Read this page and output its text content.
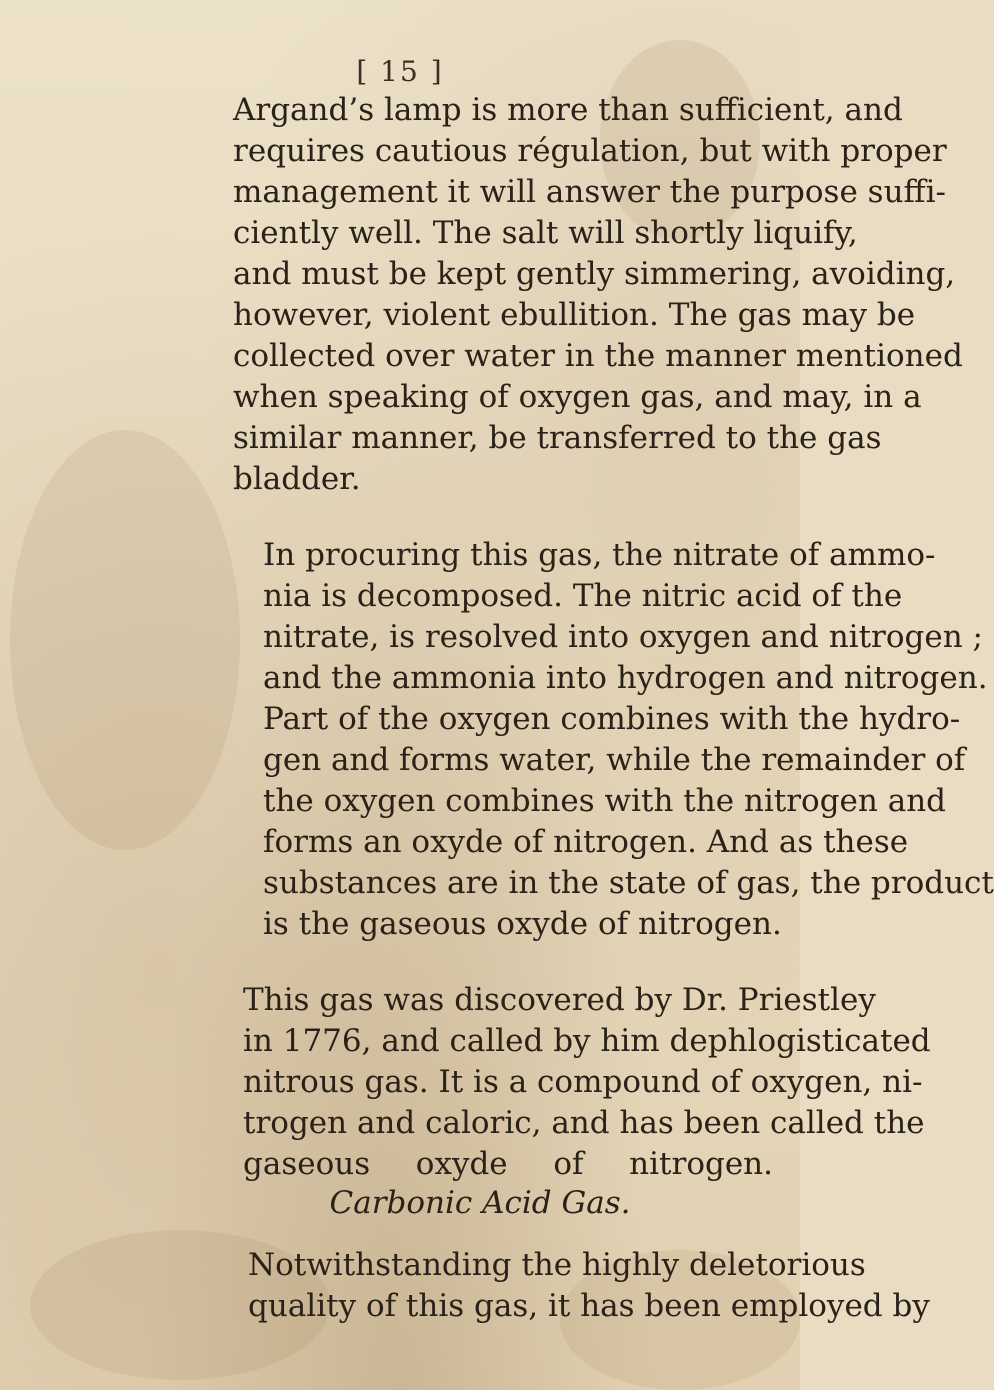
[ 15 ]

Argand’s lamp is more than sufficient, and
requires cautious régulation, but with proper
management it will answer the purpose suffi-
ciently well. The salt will shortly liquify,
and must be kept gently simmering, avoiding,
however, violent ebullition. The gas may be
collected over water in the manner mentioned
when speaking of oxygen gas, and may, in a
similar manner, be transferred to the gas
bladder.

In procuring this gas, the nitrate of ammo-
nia is decomposed. The nitric acid of the
nitrate, is resolved into oxygen and nitrogen ;
and the ammonia into hydrogen and nitrogen.
Part of the oxygen combines with the hydro-
gen and forms water, while the remainder of
the oxygen combines with the nitrogen and
forms an oxyde of nitrogen. And as these
substances are in the state of gas, the product
is the gaseous oxyde of nitrogen.

This gas was discovered by Dr. Priestley
in 1776, and called by him dephlogisticated
nitrous gas. It is a compound of oxygen, ni-
trogen and caloric, and has been called the
gaseous oxyde of nitrogen.

Carbonic Acid Gas.

Notwithstanding the highly deletorious
quality of this gas, it has been employed by
